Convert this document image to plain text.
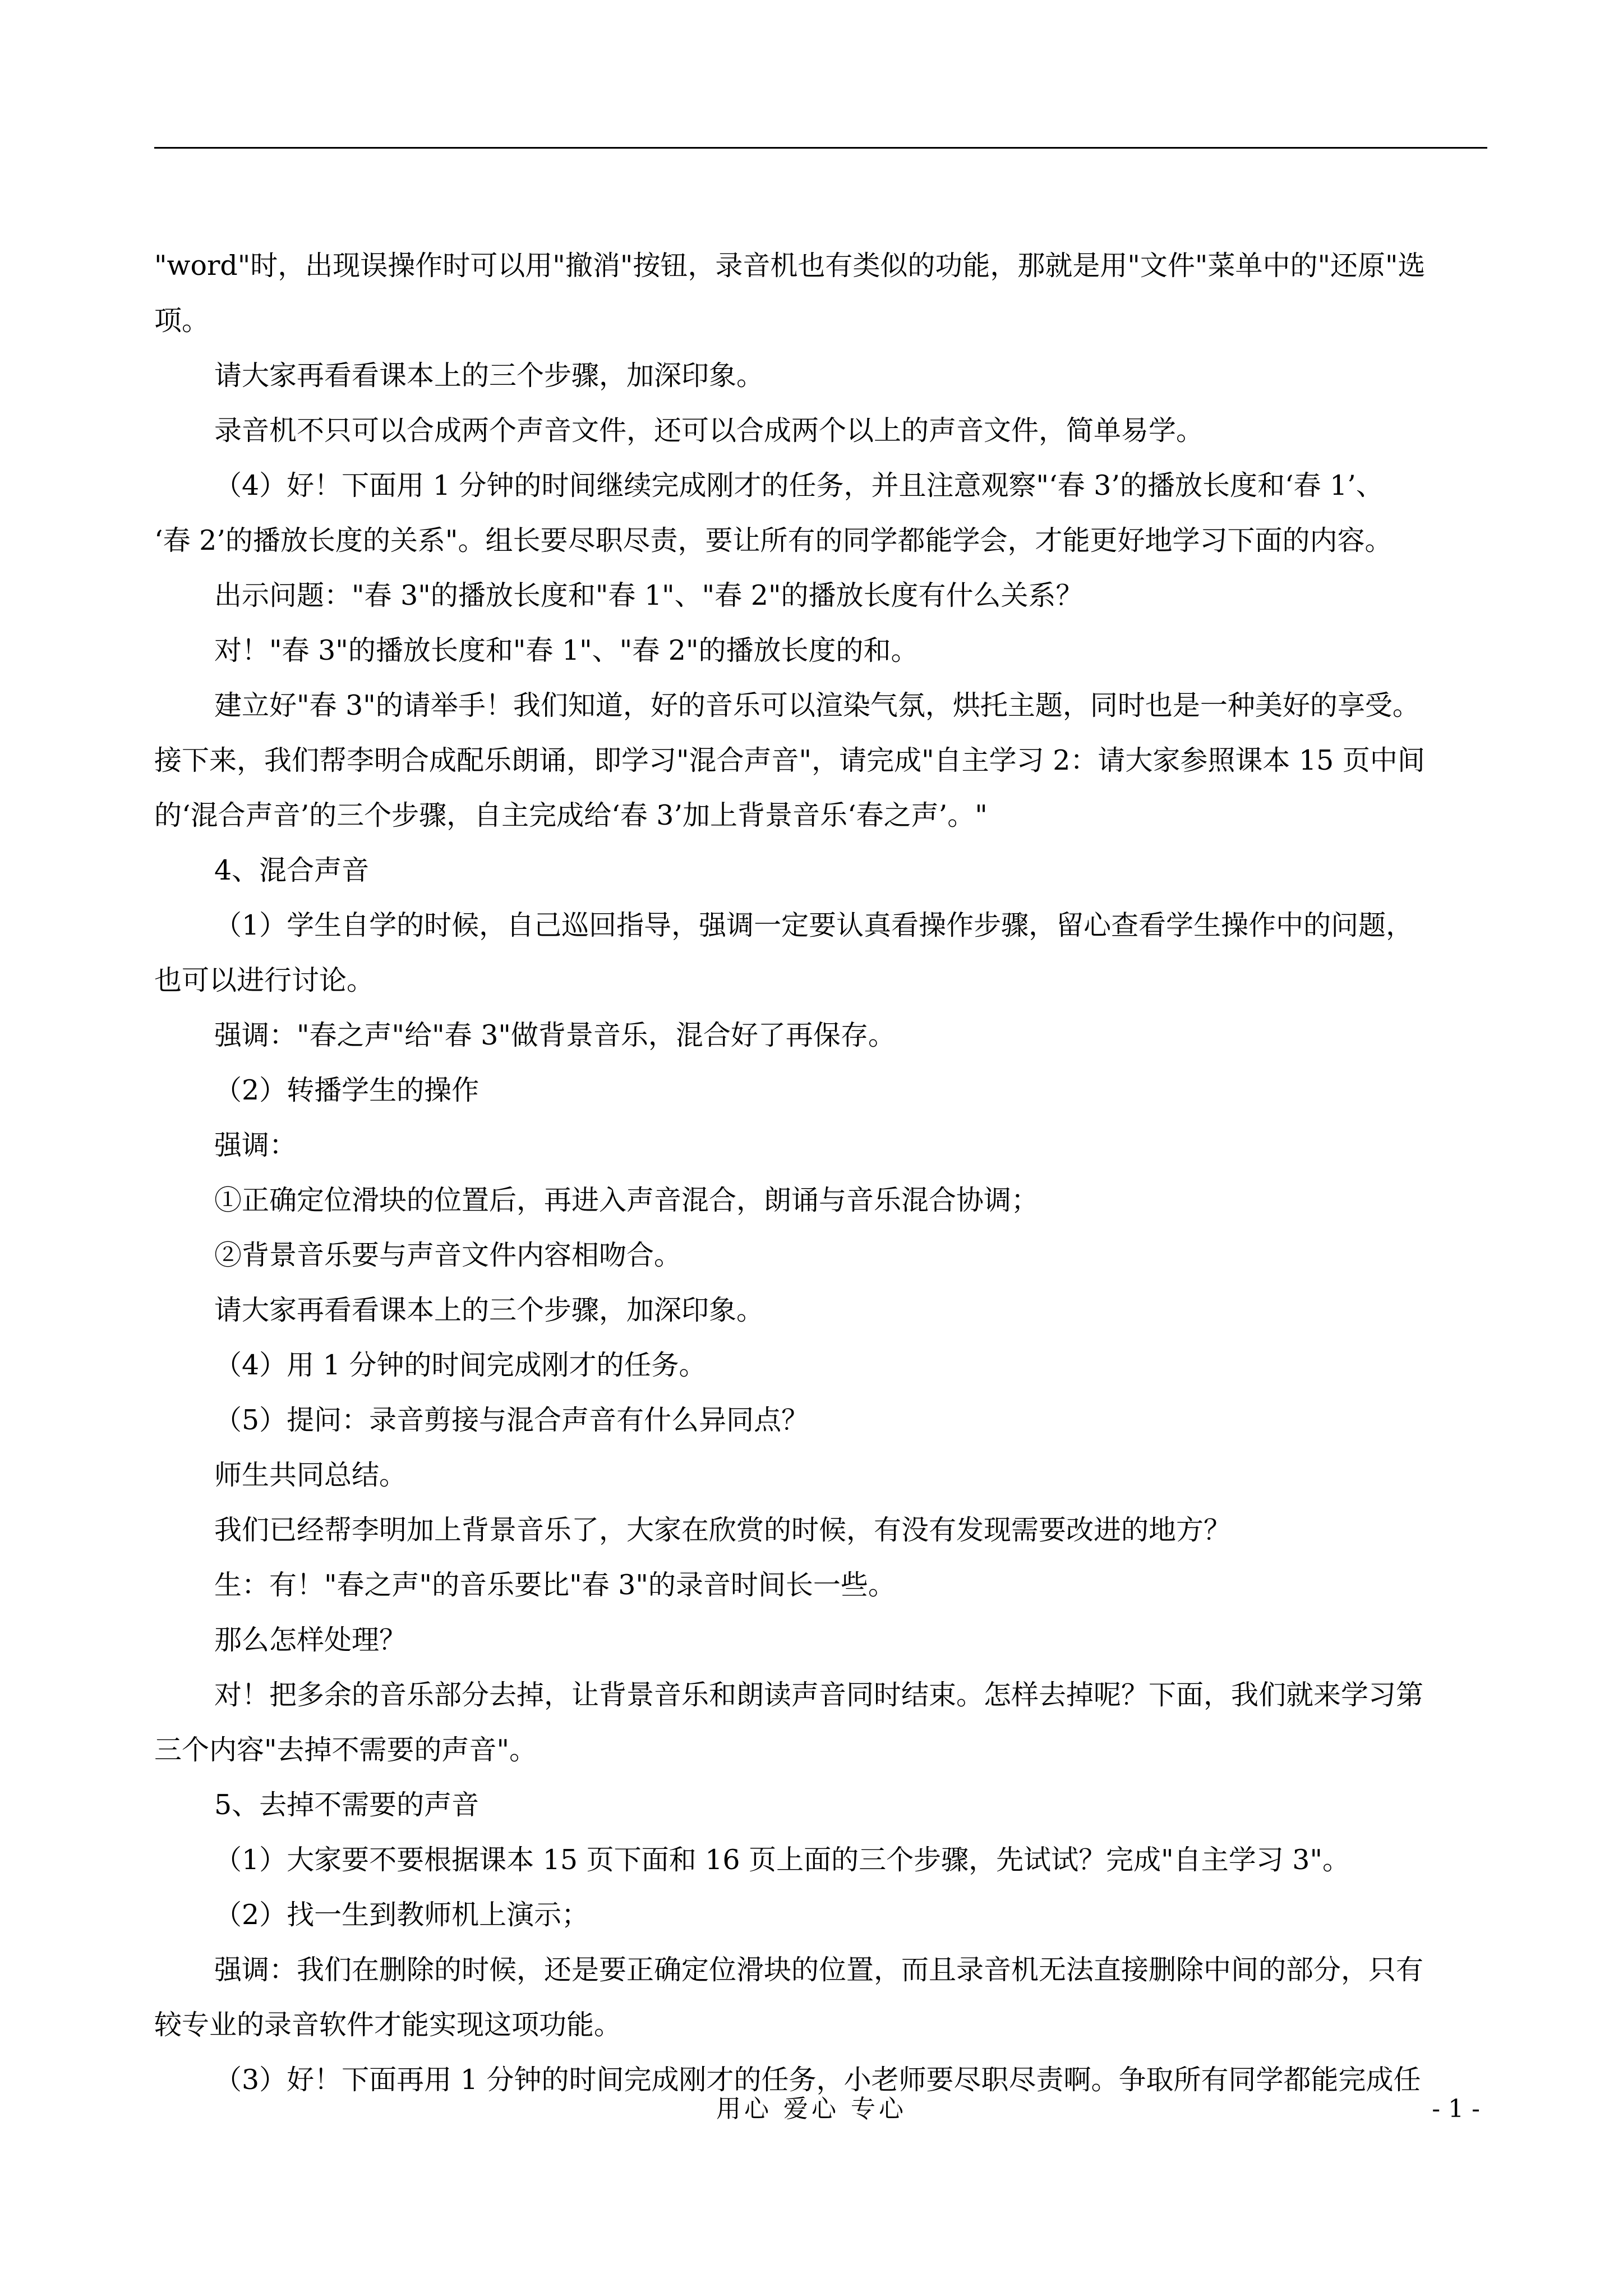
"word"时，出现误操作时可以用"撤消"按钮，录音机也有类似的功能，那就是用"文件"菜单中的"还原"选
项。
请大家再看看课本上的三个步骤，加深印象。
录音机不只可以合成两个声音文件，还可以合成两个以上的声音文件，简单易学。
（4）好！下面用 1 分钟的时间继续完成刚才的任务，并且注意观察"‘春 3’的播放长度和‘春 1’、
‘春 2’的播放长度的关系"。组长要尽职尽责，要让所有的同学都能学会，才能更好地学习下面的内容。
出示问题："春 3"的播放长度和"春 1"、"春 2"的播放长度有什么关系？
对！"春 3"的播放长度和"春 1"、"春 2"的播放长度的和。
建立好"春 3"的请举手！我们知道，好的音乐可以渲染气氛，烘托主题，同时也是一种美好的享受。
接下来，我们帮李明合成配乐朗诵，即学习"混合声音"，请完成"自主学习 2：请大家参照课本 15 页中间
的‘混合声音’的三个步骤，自主完成给‘春 3’加上背景音乐‘春之声’。"
4、混合声音
（1）学生自学的时候，自己巡回指导，强调一定要认真看操作步骤，留心查看学生操作中的问题，
也可以进行讨论。
强调："春之声"给"春 3"做背景音乐，混合好了再保存。
（2）转播学生的操作
强调：
①正确定位滑块的位置后，再进入声音混合，朗诵与音乐混合协调；
②背景音乐要与声音文件内容相吻合。
请大家再看看课本上的三个步骤，加深印象。
（4）用 1 分钟的时间完成刚才的任务。
（5）提问：录音剪接与混合声音有什么异同点？
师生共同总结。
我们已经帮李明加上背景音乐了，大家在欣赏的时候，有没有发现需要改进的地方？
生：有！"春之声"的音乐要比"春 3"的录音时间长一些。
那么怎样处理？
对！把多余的音乐部分去掉，让背景音乐和朗读声音同时结束。怎样去掉呢？下面，我们就来学习第
三个内容"去掉不需要的声音"。
5、去掉不需要的声音
（1）大家要不要根据课本 15 页下面和 16 页上面的三个步骤，先试试？完成"自主学习 3"。
（2）找一生到教师机上演示；
强调：我们在删除的时候，还是要正确定位滑块的位置，而且录音机无法直接删除中间的部分，只有
较专业的录音软件才能实现这项功能。
（3）好！下面再用 1 分钟的时间完成刚才的任务，小老师要尽职尽责啊。争取所有同学都能完成任
用心 爱心 专心	- 1 -
